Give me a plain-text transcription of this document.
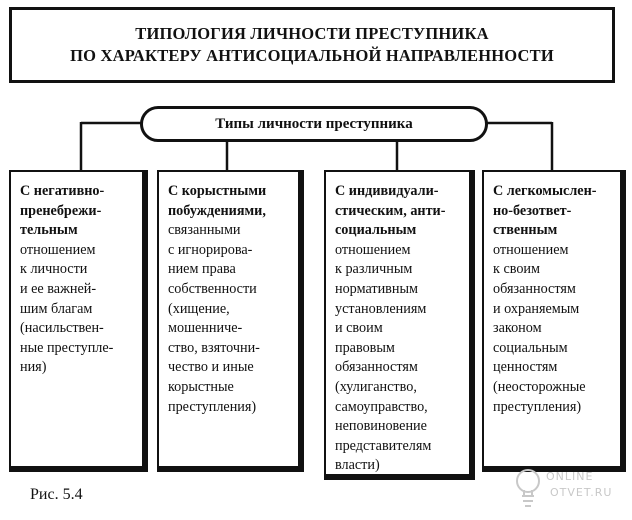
ТИПОЛОГИЯ ЛИЧНОСТИ ПРЕСТУПНИКА
ПО ХАРАКТЕРУ АНТИСОЦИАЛЬНОЙ НАПРАВЛЕННОСТИ
Типы личности преступника
С негативно-
пренебрежи-
тельным
отношением
к личности
и ее важней-
шим благам
(насильствен-
ные преступле-
ния)
С корыстными
побуждениями,
связанными
с игнорирова-
нием права
собственности
(хищение,
мошенниче-
ство, взяточни-
чество и иные
корыстные
преступления)
С индивидуали-
стическим, анти-
социальным
отношением
к различным
нормативным
установлениям
и своим
правовым
обязанностям
(хулиганство,
самоуправство,
неповиновение
представителям
власти)
С легкомыслен-
но-безответ-
ственным
отношением
к своим
обязанностям
и охраняемым
законом
социальным
ценностям
(неосторожные
преступления)
Рис. 5.4
ONLINE
OTVET.RU
